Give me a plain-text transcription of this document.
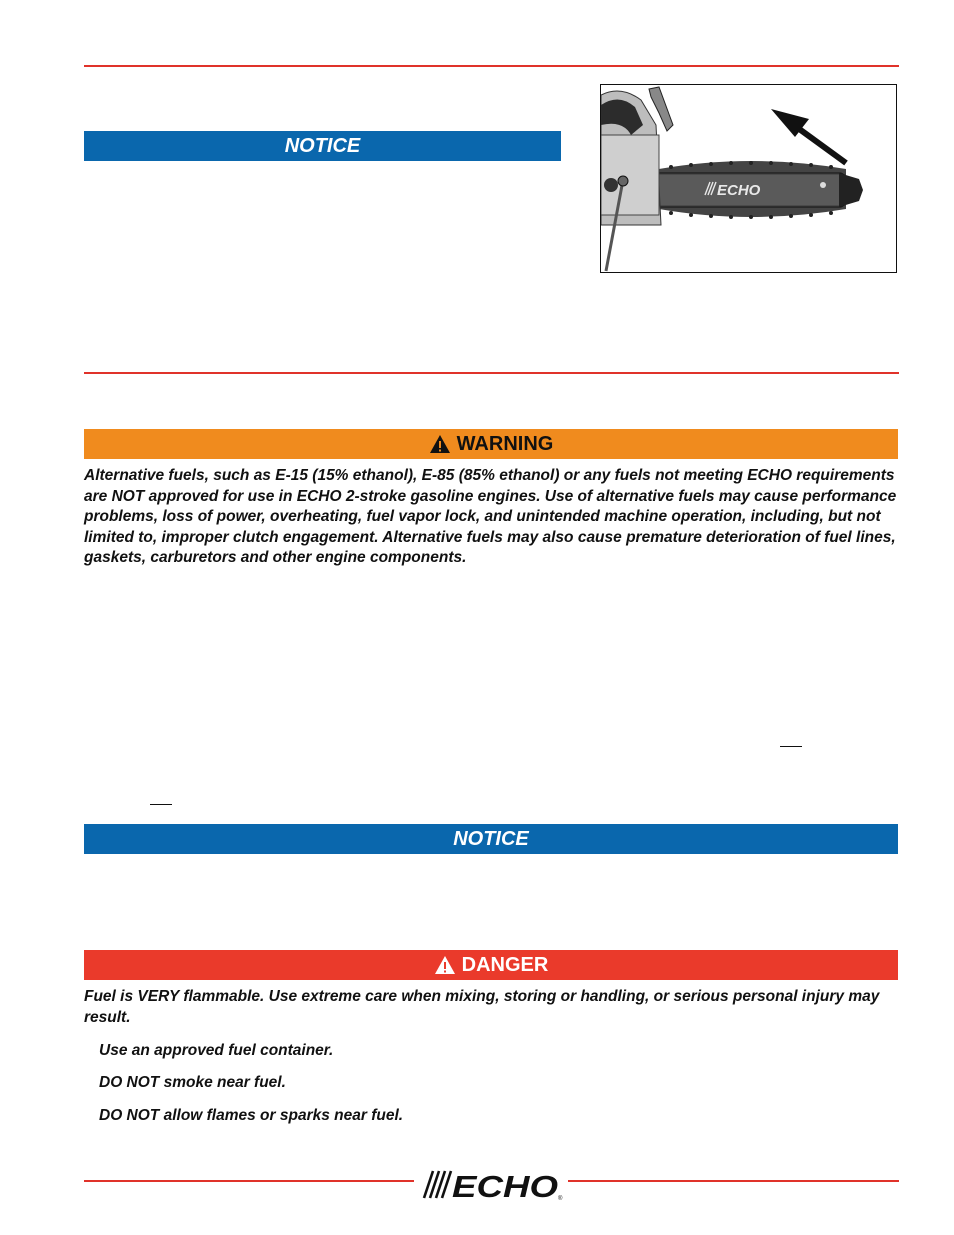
NOTICE
ECHO
WARNING

Alternative fuels, such as E-15 (15% ethanol), E-85 (85% ethanol) or any fuels not meeting ECHO requirements are NOT approved for use in ECHO 2-stroke gasoline engines. Use of alternative fuels may cause performance problems, loss of power, overheating, fuel vapor lock, and unintended machine operation, including, but not limited to, improper clutch engagement. Alternative fuels may also cause premature deterioration of fuel lines, gaskets, carburetors and other engine components.

NOTICE
DANGER

Fuel is VERY flammable. Use extreme care when mixing, storing or handling, or serious personal injury may result.

Use an approved fuel container.

DO NOT smoke near fuel.

DO NOT allow flames or sparks near fuel.

ECHO ®
